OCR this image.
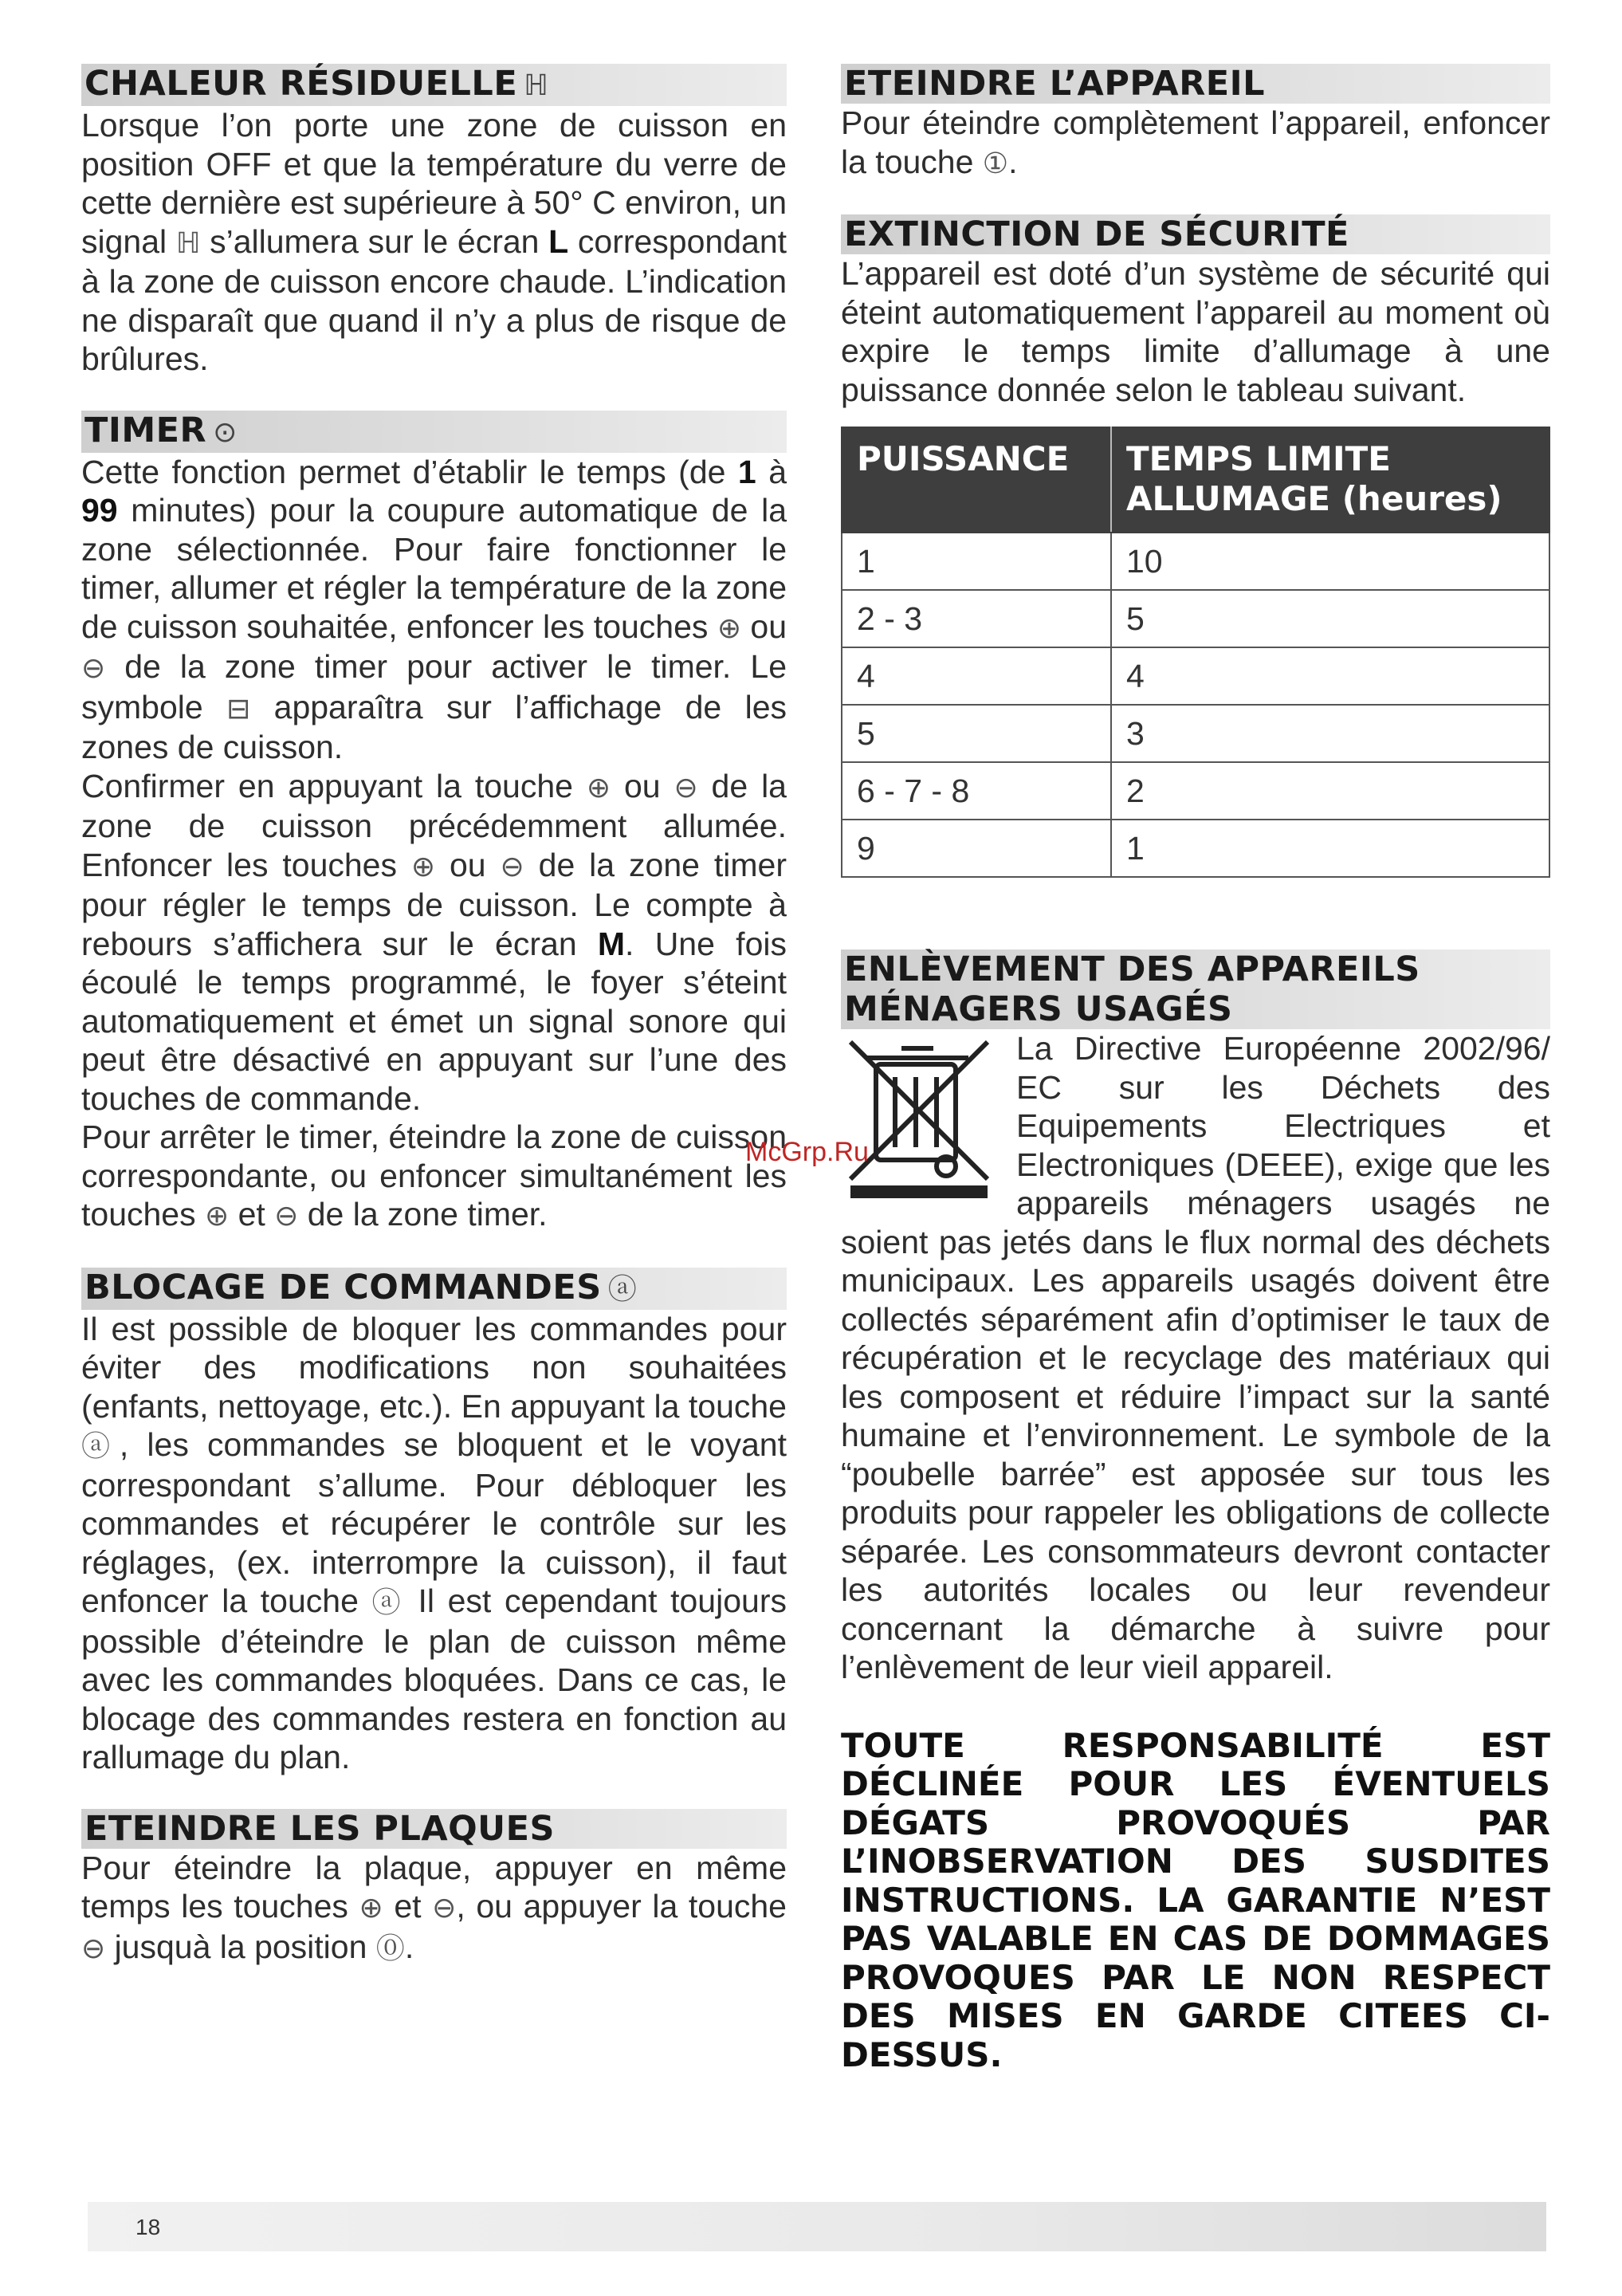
CHALEUR RÉSIDUELLE ℍ

Lorsque l’on porte une zone de cuisson en position OFF et que la température du verre de cette dernière est supérieure à 50° C environ, un signal ℍ s’allumera sur le écran L correspondant à la zone de cuisson encore chaude. L’indication ne disparaît que quand il n’y a plus de risque de brûlures.

TIMER ⊙

Cette fonction permet d’établir le temps (de 1 à 99 minutes) pour la coupure automatique de la zone sélectionnée. Pour faire fonctionner le timer, allumer et régler la température de la zone de cuisson souhaitée, enfoncer les touches ⊕ ou ⊖ de la zone timer pour activer le timer. Le symbole ⊟ apparaîtra sur l’affichage de les zones de cuisson.

Confirmer en appuyant la touche ⊕ ou ⊖ de la zone de cuisson précédemment allumée. Enfoncer les touches ⊕ ou ⊖ de la zone timer pour régler le temps de cuisson. Le compte à rebours s’affichera sur le écran M. Une fois écoulé le temps programmé, le foyer s’éteint automatiquement et émet un signal sonore qui peut être désactivé en appuyant sur l’une des touches de commande.

Pour arrêter le timer, éteindre la zone de cuisson correspondante, ou enfoncer simultanément les touches ⊕ et ⊖ de la zone timer.

BLOCAGE DE COMMANDES ⓐ

Il est possible de bloquer les commandes pour éviter des modifications non souhaitées (enfants, nettoyage, etc.). En appuyant la touche ⓐ, les commandes se bloquent et le voyant correspondant s’allume. Pour débloquer les commandes et récupérer le contrôle sur les réglages, (ex. interrompre la cuisson), il faut enfoncer la touche ⓐ Il est cependant toujours possible d’éteindre le plan de cuisson même avec les commandes bloquées. Dans ce cas, le blocage des commandes restera en fonction au rallumage du plan.

ETEINDRE LES PLAQUES

Pour éteindre la plaque, appuyer en même temps les touches ⊕ et ⊖, ou appuyer la touche ⊖ jusquà la position ⓪.

ETEINDRE L’APPAREIL

Pour éteindre complètement l’appareil, enfoncer la touche ①.

EXTINCTION DE SÉCURITÉ

L’appareil est doté d’un système de sécurité qui éteint automatiquement l’appareil au moment où expire le temps limite d’allumage à une puissance donnée selon le tableau suivant.

PUISSANCE	TEMPS LIMITE
ALLUMAGE (heures)
1	10
2 - 3	5
4	4
5	3
6 - 7 - 8	2
9	1
ENLÈVEMENT DES APPAREILS
MÉNAGERS USAGÉS

La Directive Européenne 2002/96/ EC sur les Déchets des Equipements Electriques et Electroniques (DEEE), exige que les appareils ménagers usagés ne soient pas jetés dans le flux normal des déchets municipaux. Les appareils usagés doivent être collectés séparément afin d’optimiser le taux de récupération et le recyclage des matériaux qui les composent et réduire l’impact sur la santé humaine et l’environnement. Le symbole de la “poubelle barrée” est apposée sur tous les produits pour rappeler les obligations de collecte séparée. Les consommateurs devront contacter les autorités locales ou leur revendeur concernant la démarche à suivre pour l’enlèvement de leur vieil appareil.

TOUTE RESPONSABILITÉ EST DÉCLINÉE POUR LES ÉVENTUELS DÉGATS PROVOQUÉS PAR L’INOBSERVATION DES SUSDITES INSTRUCTIONS. LA GARANTIE N’EST PAS VALABLE EN CAS DE DOMMAGES PROVOQUES PAR LE NON RESPECT DES MISES EN GARDE CITEES CI-DESSUS.

18
McGrp.Ru
